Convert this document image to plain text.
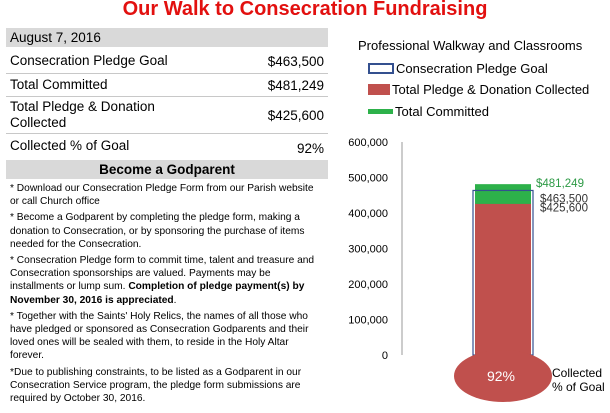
Our Walk to Consecration Fundraising
August 7, 2016
Consecration Pledge Goal	$463,500
Total Committed	$481,249
Total Pledge & Donation Collected	$425,600
Collected % of Goal	92%
Become a Godparent

* Download our Consecration Pledge Form from our Parish website or call Church office

* Become a Godparent by completing the pledge form, making a donation to Consecration, or by sponsoring the purchase of items needed for the Consecration.

* Consecration Pledge form to commit time, talent and treasure and Consecration sponsorships are valued. Payments may be installments or lump sum. Completion of pledge payment(s) by November 30, 2016 is appreciated.

* Together with the Saints' Holy Relics, the names of all those who have pledged or sponsored as Consecration Godparents and their loved ones will be sealed with them, to reside in the Holy Altar forever.

*Due to publishing constraints, to be listed as a Godparent in our Consecration Service program, the pledge form submissions are required by October 30, 2016.

Professional Walkway and Classrooms
Consecration Pledge Goal
Total Pledge & Donation Collected
Total Committed
0
100,000
200,000
300,000
400,000
500,000
600,000
92%
$481,249
$463,500
$425,600
Collected
% of Goal
